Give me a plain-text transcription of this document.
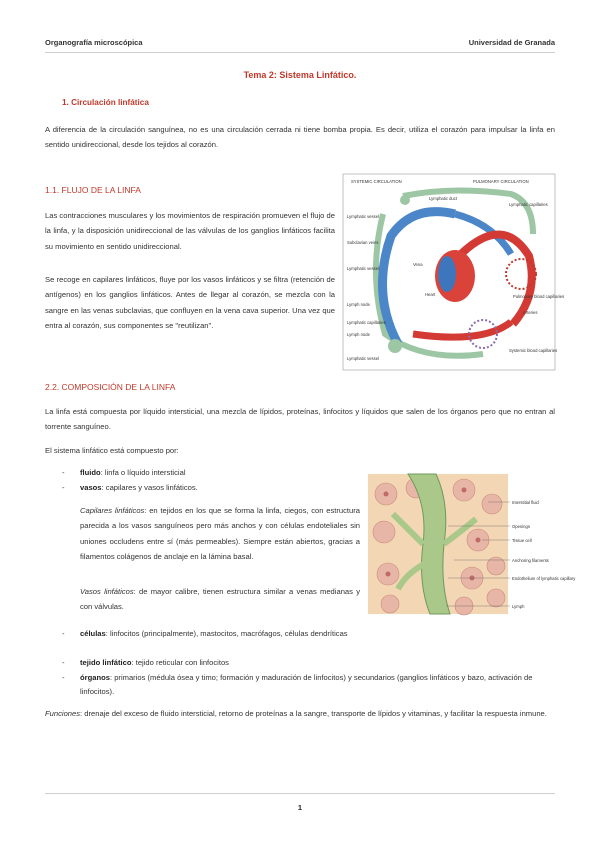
Organografía microscópica	Universidad de Granada
Tema 2: Sistema Linfático.
1. Circulación linfática
A diferencia de la circulación sanguínea, no es una circulación cerrada ni tiene bomba propia. Es decir, utiliza el corazón para impulsar la linfa en sentido unidireccional, desde los tejidos al corazón.
1.1. FLUJO DE LA LINFA
Las contracciones musculares y los movimientos de respiración promueven el flujo de la linfa, y la disposición unidireccional de las válvulas de los ganglios linfáticos facilita su movimiento en sentido unidireccional.
Se recoge en capilares linfáticos, fluye por los vasos linfáticos y se filtra (retención de antígenos) en los ganglios linfáticos. Antes de llegar al corazón, se mezcla con la sangre en las venas subclavias, que confluyen en la vena cava superior. Una vez que entra al corazón, sus componentes se "reutilizan".
SYSTEMIC CIRCULATION	PULMONARY CIRCULATION
Lymphatic duct
Lymphatic vessel
Subclavian veins
Lymphatic vessel
Vena
Heart
Lymph node
Lymphatic capillaries
Lymph node
Lymphatic vessel
Lymphatic capillaries
Pulmonary blood capillaries
Arteries
Systemic blood capillaries
2.2. COMPOSICIÓN DE LA LINFA
La linfa está compuesta por líquido intersticial, una mezcla de lípidos, proteínas, linfocitos y líquidos que salen de los órganos pero que no entran al torrente sanguíneo.
El sistema linfático está compuesto por:
- fluido: linfa o líquido intersticial
- vasos: capilares y vasos linfáticos.
Capilares linfáticos: en tejidos en los que se forma la linfa, ciegos, con estructura parecida a los vasos sanguíneos pero más anchos y con células endoteliales sin uniones occludens entre sí (más permeables). Siempre están abiertos, gracias a filamentos colágenos de anclaje en la lámina basal.
Vasos linfáticos: de mayor calibre, tienen estructura similar a venas medianas y con válvulas.
Interstitial fluid
Openings
Tissue cell
Anchoring filaments
Endothelium of lymphatic capillary
Lymph
- células: linfocitos (principalmente), mastocitos, macrófagos, células dendríticas
- tejido linfático: tejido reticular con linfocitos
- órganos: primarios (médula ósea y timo; formación y maduración de linfocitos) y secundarios (ganglios linfáticos y bazo, activación de linfocitos).
Funciones: drenaje del exceso de fluido intersticial, retorno de proteínas a la sangre, transporte de lípidos y vitaminas, y facilitar la respuesta inmune.
1
